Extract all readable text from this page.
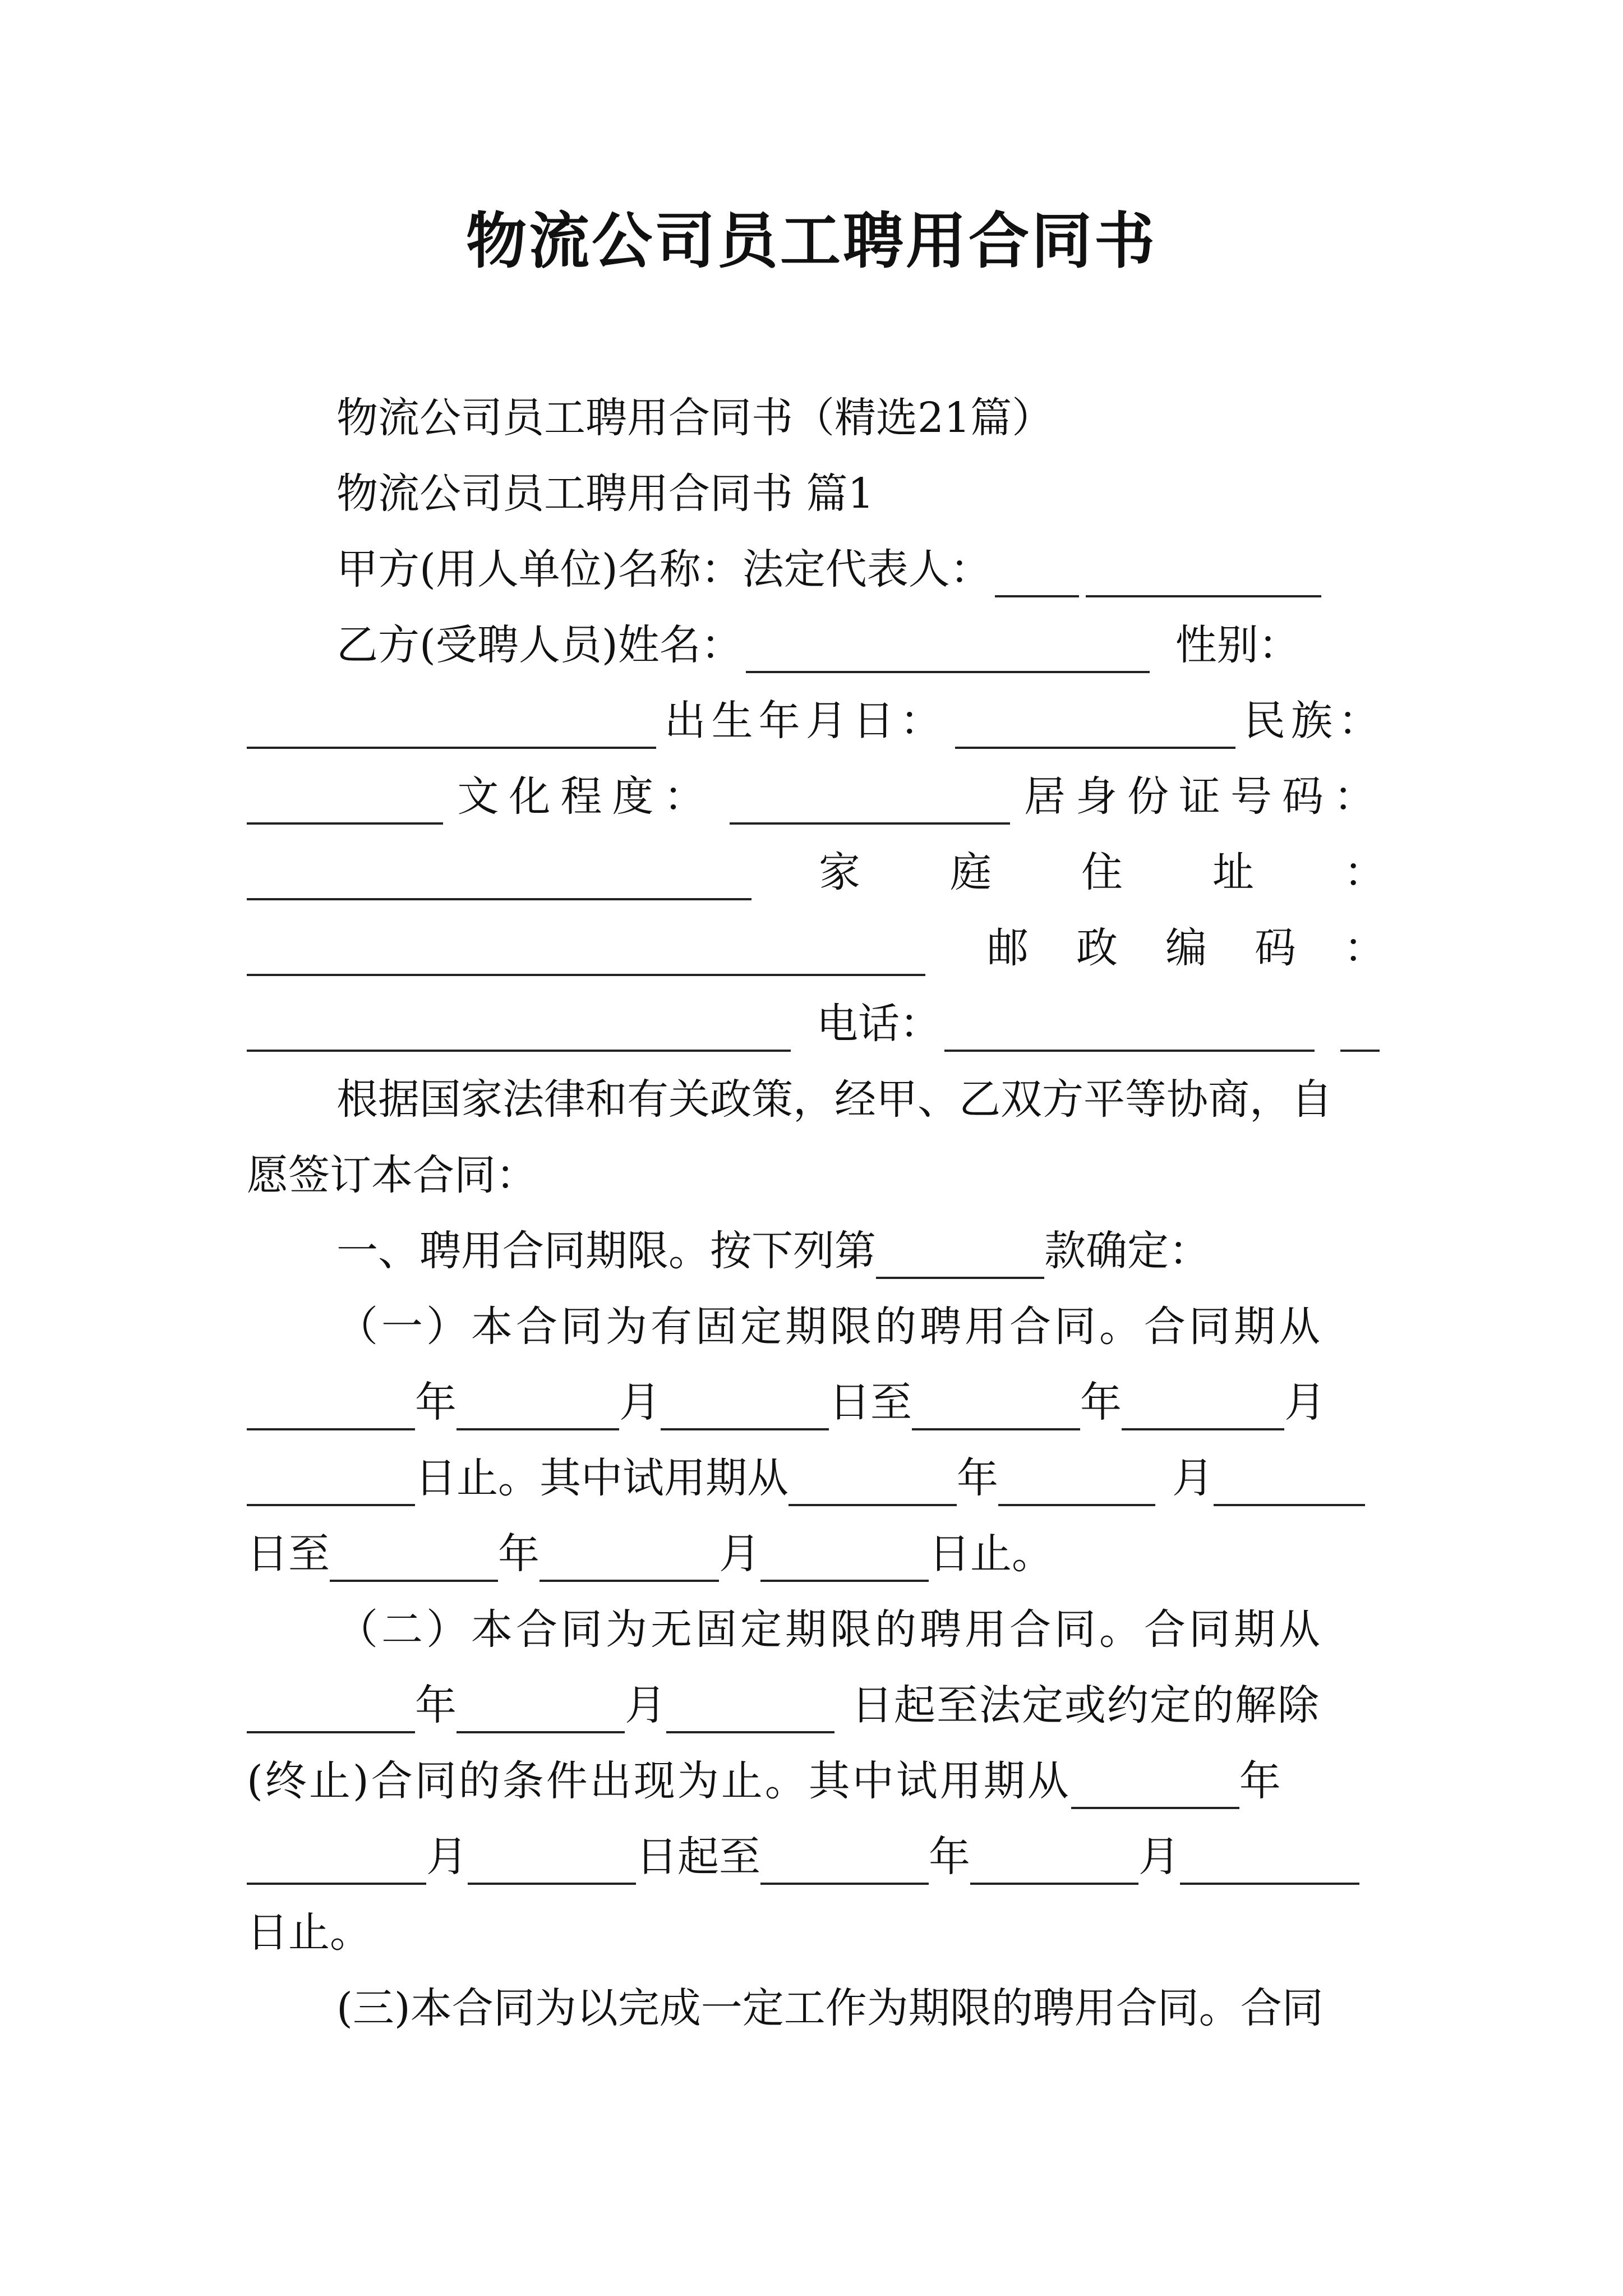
物流公司员工聘用合同书
物流公司员工聘用合同书（精选21篇）
物流公司员工聘用合同书 篇1
甲方(用人单位)名称：法定代表人：
乙方(受聘人员)姓名：	性别：
出生年月日：	民族：
文化程度：	居身份证号码：
家 庭 住 址 ：
邮 政 编 码 ：
电话：
根据国家法律和有关政策，经甲、乙双方平等协商，自
愿签订本合同：
一、聘用合同期限。按下列第	款确定：
（一）本合同为有固定期限的聘用合同。合同期从
年	月	日至	年	月
日止。其中试用期从	年	月
日至	年	月	日止。
（二）本合同为无固定期限的聘用合同。合同期从
年	月	日起至法定或约定的解除
(终止)合同的条件出现为止。其中试用期从	年
月	日起至	年	月
日止。
(三)本合同为以完成一定工作为期限的聘用合同。合同
